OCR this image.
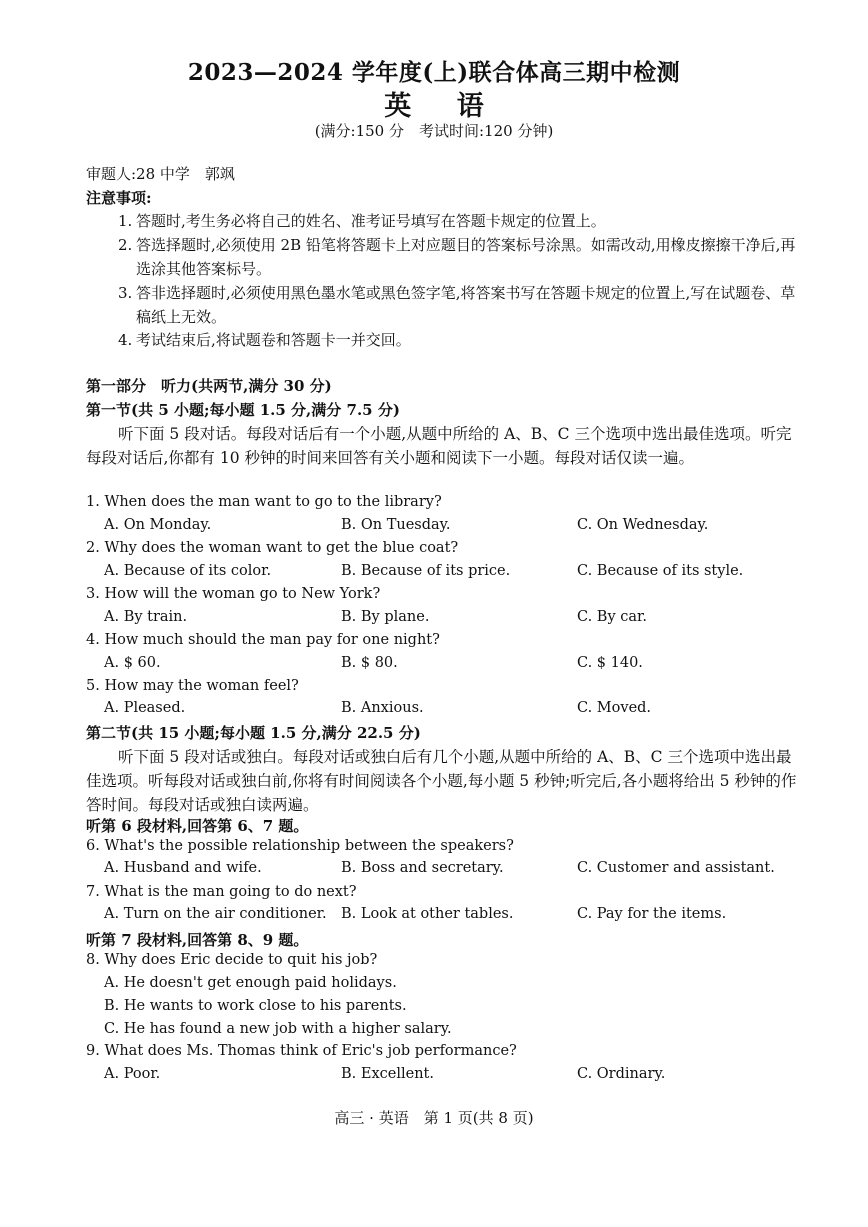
2023—2024 学年度(上)联合体高三期中检测
英 语
(满分:150 分　考试时间:120 分钟)
审题人:28 中学　郭飒
注意事项:
1. 答题时,考生务必将自己的姓名、准考证号填写在答题卡规定的位置上。
2. 答选择题时,必须使用 2B 铅笔将答题卡上对应题目的答案标号涂黑。如需改动,用橡皮擦擦干净后,再选涂其他答案标号。
3. 答非选择题时,必须使用黑色墨水笔或黑色签字笔,将答案书写在答题卡规定的位置上,写在试题卷、草稿纸上无效。
4. 考试结束后,将试题卷和答题卡一并交回。
第一部分　听力(共两节,满分 30 分)
第一节(共 5 小题;每小题 1.5 分,满分 7.5 分)
听下面 5 段对话。每段对话后有一个小题,从题中所给的 A、B、C 三个选项中选出最佳选项。听完每段对话后,你都有 10 秒钟的时间来回答有关小题和阅读下一小题。每段对话仅读一遍。
1. When does the man want to go to the library?
A. On Monday.	B. On Tuesday.	C. On Wednesday.
2. Why does the woman want to get the blue coat?
A. Because of its color.	B. Because of its price.	C. Because of its style.
3. How will the woman go to New York?
A. By train.	B. By plane.	C. By car.
4. How much should the man pay for one night?
A. $ 60.	B. $ 80.	C. $ 140.
5. How may the woman feel?
A. Pleased.	B. Anxious.	C. Moved.
第二节(共 15 小题;每小题 1.5 分,满分 22.5 分)
听下面 5 段对话或独白。每段对话或独白后有几个小题,从题中所给的 A、B、C 三个选项中选出最佳选项。听每段对话或独白前,你将有时间阅读各个小题,每小题 5 秒钟;听完后,各小题将给出 5 秒钟的作答时间。每段对话或独白读两遍。
听第 6 段材料,回答第 6、7 题。
6. What's the possible relationship between the speakers?
A. Husband and wife.	B. Boss and secretary.	C. Customer and assistant.
7. What is the man going to do next?
A. Turn on the air conditioner. B. Look at other tables.	C. Pay for the items.
听第 7 段材料,回答第 8、9 题。
8. Why does Eric decide to quit his job?
A. He doesn't get enough paid holidays.
B. He wants to work close to his parents.
C. He has found a new job with a higher salary.
9. What does Ms. Thomas think of Eric's job performance?
A. Poor.	B. Excellent.	C. Ordinary.
高三 · 英语　第 1 页(共 8 页)
